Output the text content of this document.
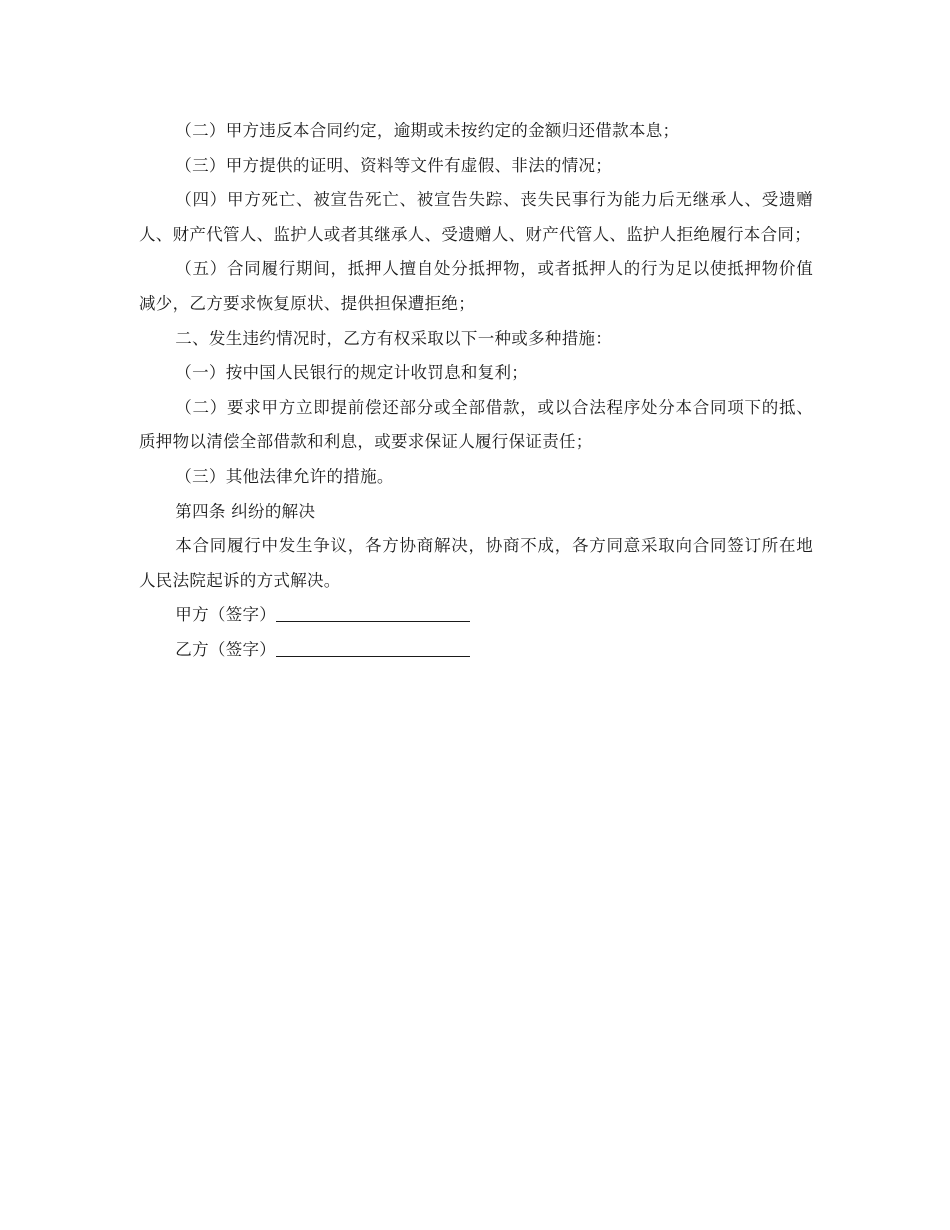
（二）甲方违反本合同约定，逾期或未按约定的金额归还借款本息；

（三）甲方提供的证明、资料等文件有虚假、非法的情况；

（四）甲方死亡、被宣告死亡、被宣告失踪、丧失民事行为能力后无继承人、受遗赠人、财产代管人、监护人或者其继承人、受遗赠人、财产代管人、监护人拒绝履行本合同；

（五）合同履行期间，抵押人擅自处分抵押物，或者抵押人的行为足以使抵押物价值减少，乙方要求恢复原状、提供担保遭拒绝；

二、发生违约情况时，乙方有权采取以下一种或多种措施：

（一）按中国人民银行的规定计收罚息和复利；

（二）要求甲方立即提前偿还部分或全部借款，或以合法程序处分本合同项下的抵、质押物以清偿全部借款和利息，或要求保证人履行保证责任；

（三）其他法律允许的措施。

第四条 纠纷的解决

本合同履行中发生争议，各方协商解决，协商不成，各方同意采取向合同签订所在地人民法院起诉的方式解决。

甲方（签字）

乙方（签字）
